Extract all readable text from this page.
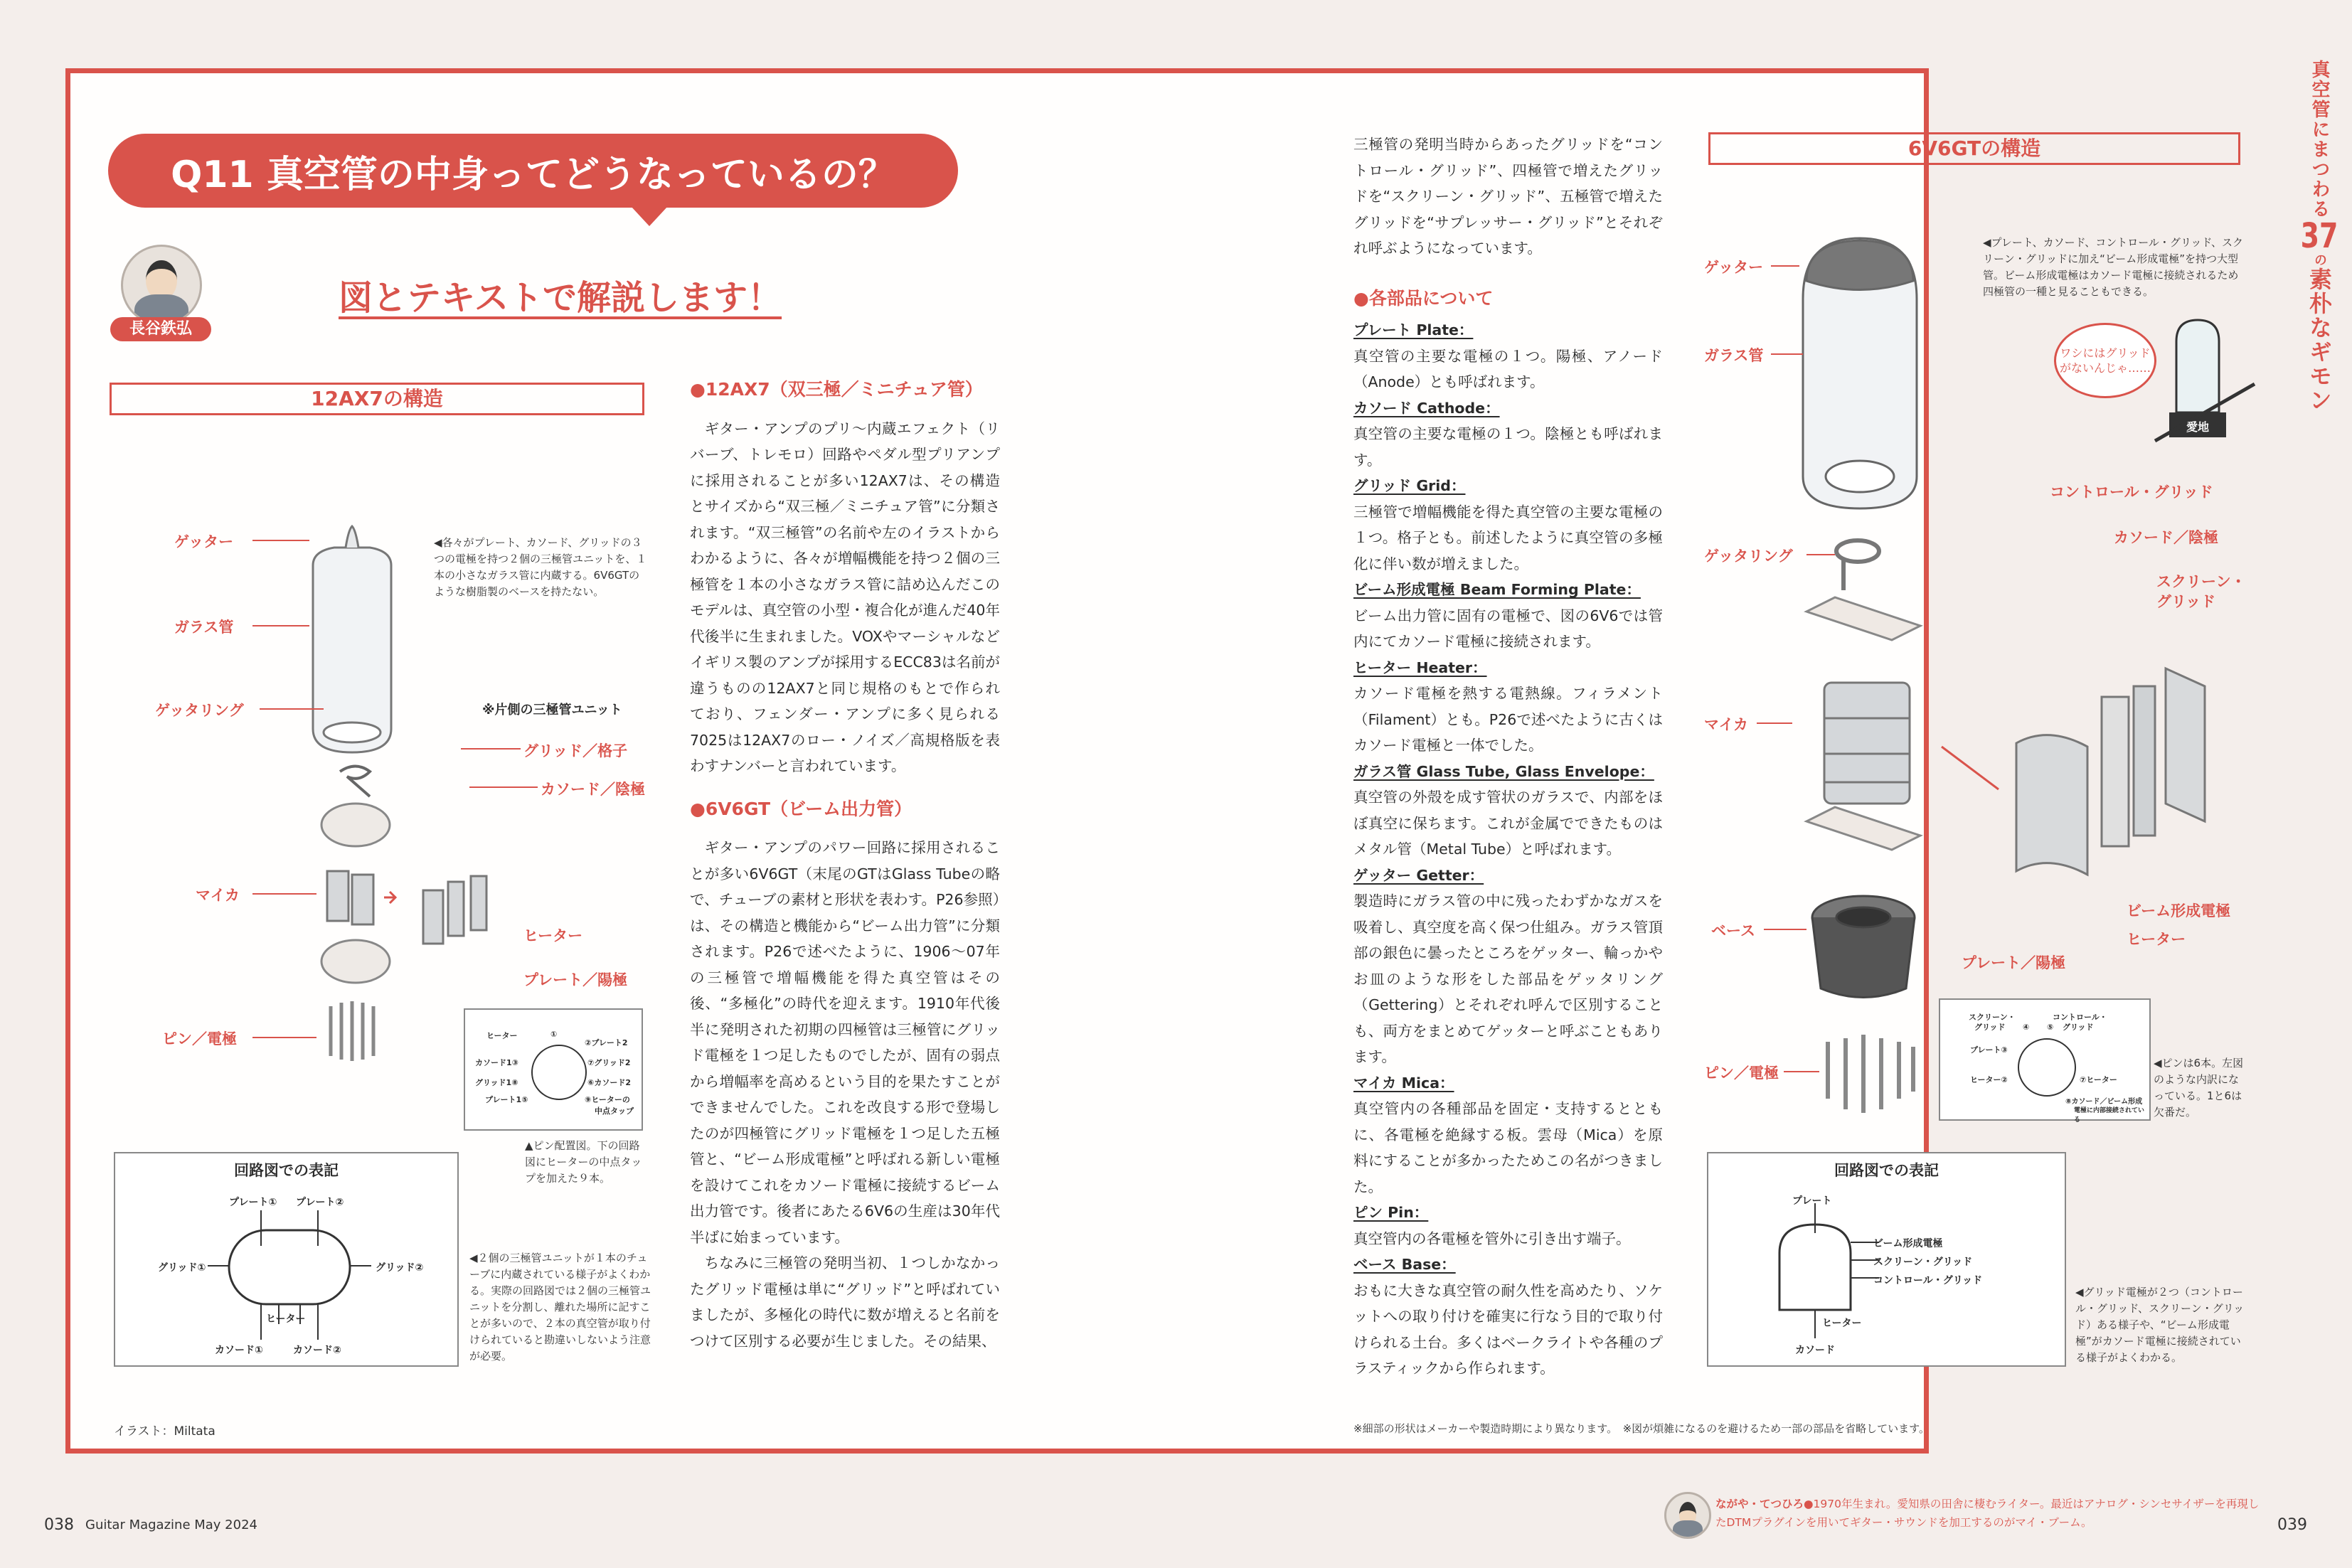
Q11 真空管の中身ってどうなっているの？
長谷鉄弘
図とテキストで解説します！
12AX7の構造
ゲッター
ガラス管
ゲッタリング
マイカ
ピン／電極
◀各々がプレート、カソード、グリッドの３つの電極を持つ２個の三極管ユニットを、１本の小さなガラス管に内蔵する。6V6GTのような樹脂製のベースを持たない。
※片側の三極管ユニット
グリッド／格子
カソード／陰極
ヒーター
プレート／陽極
ヒーター	①
②プレート2
カソード1③	⑦グリッド2
グリッド1⑧	⑥カソード2
プレート1⑤	⑨ヒーターの
中点タップ
▲ピン配置図。下の回路図にヒーターの中点タップを加えた９本。
回路図での表記
プレート① プレート②
グリッド①	グリッド②
ヒーター
カソード①	カソード②
◀２個の三極管ユニットが１本のチューブに内蔵されている様子がよくわかる。実際の回路図では２個の三極管ユニットを分割し、離れた場所に記すことが多いので、２本の真空管が取り付けられていると勘違いしないよう注意が必要。
イラスト：Miltata
●12AX7（双三極／ミニチュア管）

ギター・アンプのプリ〜内蔵エフェクト（リバーブ、トレモロ）回路やペダル型プリアンプに採用されることが多い12AX7は、その構造とサイズから“双三極／ミニチュア管”に分類されます。“双三極管”の名前や左のイラストからわかるように、各々が増幅機能を持つ２個の三極管を１本の小さなガラス管に詰め込んだこのモデルは、真空管の小型・複合化が進んだ40年代後半に生まれました。VOXやマーシャルなどイギリス製のアンプが採用するECC83は名前が違うものの12AX7と同じ規格のもとで作られており、フェンダー・アンプに多く見られる7025は12AX7のロー・ノイズ／高規格版を表わすナンバーと言われています。

●6V6GT（ビーム出力管）

ギター・アンプのパワー回路に採用されることが多い6V6GT（末尾のGTはGlass Tubeの略で、チューブの素材と形状を表わす。P26参照）は、その構造と機能から“ビーム出力管”に分類されます。P26で述べたように、1906〜07年の三極管で増幅機能を得た真空管はその後、“多極化”の時代を迎えます。1910年代後半に発明された初期の四極管は三極管にグリッド電極を１つ足したものでしたが、固有の弱点から増幅率を高めるという目的を果たすことができませんでした。これを改良する形で登場したのが四極管にグリッド電極を１つ足した五極管と、“ビーム形成電極”と呼ばれる新しい電極を設けてこれをカソード電極に接続するビーム出力管です。後者にあたる6V6の生産は30年代半ばに始まっています。

ちなみに三極管の発明当初、１つしかなかったグリッド電極は単に“グリッド”と呼ばれていましたが、多極化の時代に数が増えると名前をつけて区別する必要が生じました。その結果、

三極管の発明当時からあったグリッドを“コントロール・グリッド”、四極管で増えたグリッドを“スクリーン・グリッド”、五極管で増えたグリッドを“サプレッサー・グリッド”とそれぞれ呼ぶようになっています。

●各部品について
プレート Plate：
真空管の主要な電極の１つ。陽極、アノード（Anode）とも呼ばれます。
カソード Cathode：
真空管の主要な電極の１つ。陰極とも呼ばれます。
グリッド Grid：
三極管で増幅機能を得た真空管の主要な電極の１つ。格子とも。前述したように真空管の多極化に伴い数が増えました。
ビーム形成電極 Beam Forming Plate：
ビーム出力管に固有の電極で、図の6V6では管内にてカソード電極に接続されます。
ヒーター Heater：
カソード電極を熱する電熱線。フィラメント（Filament）とも。P26で述べたように古くはカソード電極と一体でした。
ガラス管 Glass Tube, Glass Envelope：
真空管の外殻を成す管状のガラスで、内部をほぼ真空に保ちます。これが金属でできたものはメタル管（Metal Tube）と呼ばれます。
ゲッター Getter：
製造時にガラス管の中に残ったわずかなガスを吸着し、真空度を高く保つ仕組み。ガラス管頂部の銀色に曇ったところをゲッター、輪っかやお皿のような形をした部品をゲッタリング（Gettering）とそれぞれ呼んで区別することも、両方をまとめてゲッターと呼ぶこともあります。
マイカ Mica：
真空管内の各種部品を固定・支持するとともに、各電極を絶縁する板。雲母（Mica）を原料にすることが多かったためこの名がつきました。
ピン Pin：
真空管内の各電極を管外に引き出す端子。
ベース Base：
おもに大きな真空管の耐久性を高めたり、ソケットへの取り付けを確実に行なう目的で取り付けられる土台。多くはベークライトや各種のプラスティックから作られます。
※細部の形状はメーカーや製造時期により異なります。　※図が煩雑になるのを避けるため一部の部品を省略しています。
6V6GTの構造
ゲッター
ガラス管
ゲッタリング
マイカ
ベース
ピン／電極
コントロール・グリッド
カソード／陰極
スクリーン・
グリッド
ビーム形成電極
ヒーター
プレート／陽極
◀プレート、カソード、コントロール・グリッド、スクリーン・グリッドに加え“ビーム形成電極”を持つ大型管。ビーム形成電極はカソード電極に接続されるため四極管の一種と見ることもできる。
ワシにはグリッドがないんじゃ……
愛地
スクリーン・
グリッド ④
コントロール・
グリッド
⑤
プレート③
ヒーター②	⑦ヒーター
⑧カソード／ビーム形成
電極に内部接続されている
◀ピンは6本。左図のような内訳になっている。1と6は欠番だ。
回路図での表記
プレート
ビーム形成電極
スクリーン・グリッド
コントロール・グリッド
ヒーター
カソード
◀グリッド電極が２つ（コントロール・グリッド、スクリーン・グリッド）ある様子や、“ビーム形成電極”がカソード電極に接続されている様子がよくわかる。
真空管にまつわる37の素朴なギモン
038 Guitar Magazine May 2024
ながや・てつひろ●1970年生まれ。愛知県の田舎に棲むライター。最近はアナログ・シンセサイザーを再現したDTMプラグインを用いてギター・サウンドを加工するのがマイ・ブーム。	039
